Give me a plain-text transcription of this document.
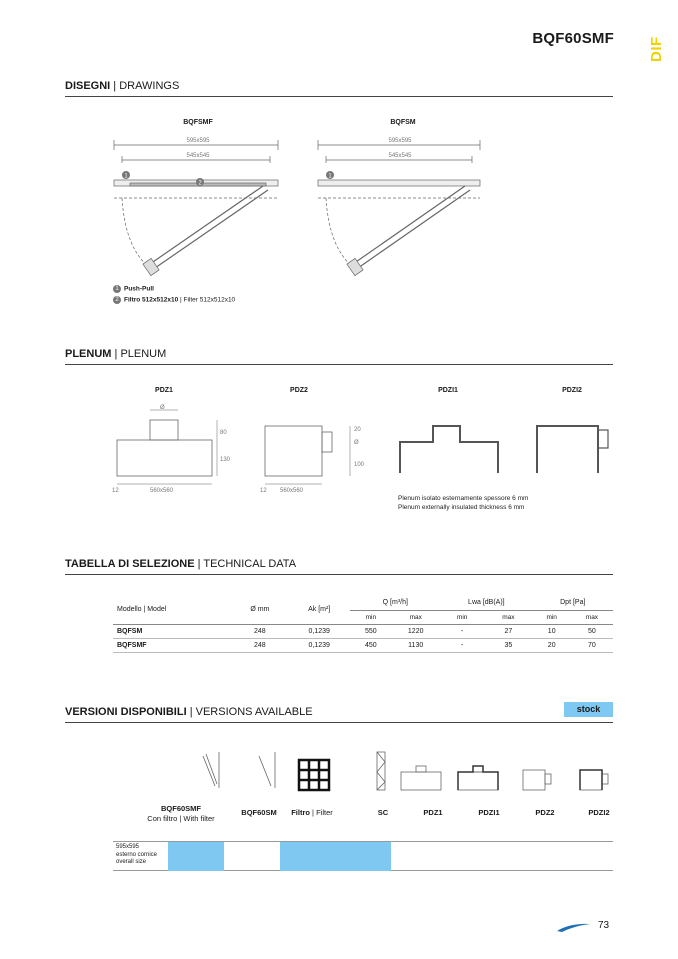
BQF60SMF DIF
DISEGNI | DRAWINGS
BQFSMF	BQFSM
1
2
595x595
545x545
1
595x595
545x545
1 Push-Pull
2 Filtro 512x512x10 | Filter 512x512x10
PLENUM | PLENUM
PDZ1	PDZ2	PDZI1	PDZI2
Ø
80
130
12	560x560
20
Ø
100
12 560x560
Plenum isolato esternamente spessore 6 mm
Plenum externally insulated thickness 6 mm
TABELLA DI SELEZIONE | TECHNICAL DATA
Modello | Model	Ø mm	Ak [m²]	Q [m³/h]		Lwa [dB(A)]		Dpt [Pa]	
			min	max	min	max	min	max
BQFSM	248	0,1239	550	1220	-	27	10	50
BQFSMF	248	0,1239	450	1130	-	35	20	70
VERSIONI DISPONIBILI | VERSIONS AVAILABLE	stock
BQF60SMF
Con filtro | With filter
BQF60SM	Filtro | Filter	SC	PDZ1	PDZI1	PDZ2	PDZI2
595x595
esterno cornice
overall size
73
